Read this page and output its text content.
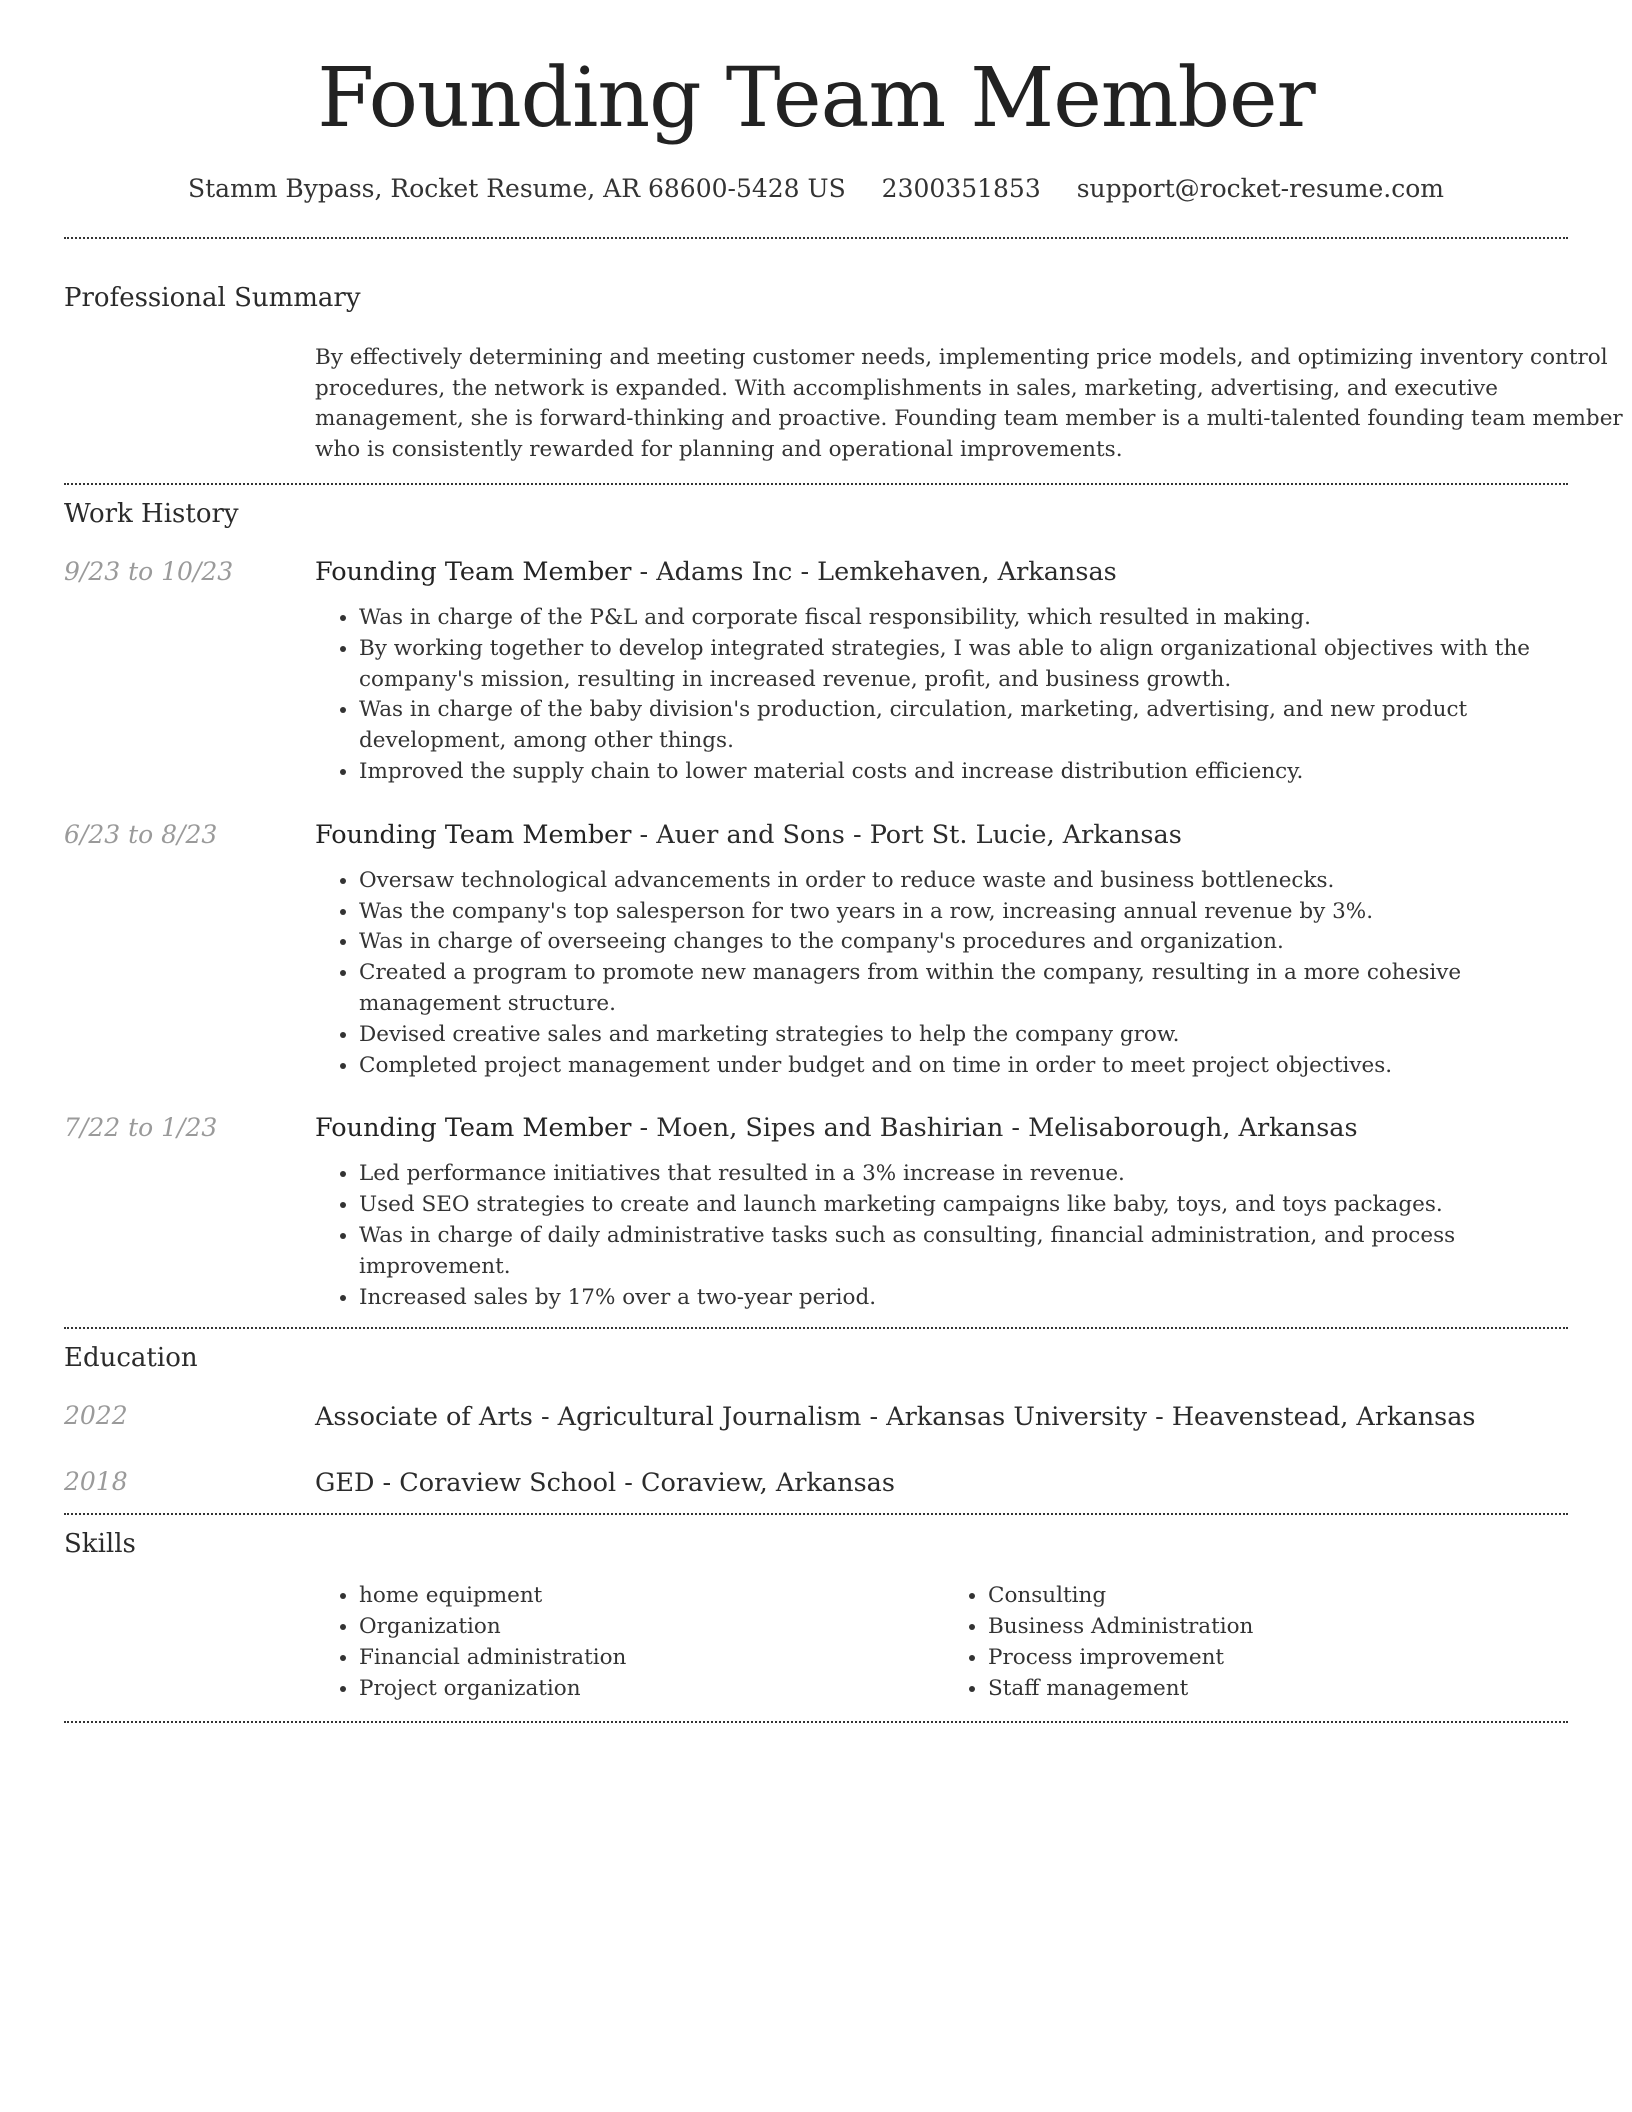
Founding Team Member
Stamm Bypass, Rocket Resume, AR 68600-5428 US 2300351853 support@rocket-resume.com
Professional Summary
By effectively determining and meeting customer needs, implementing price models, and optimizing inventory control procedures, the network is expanded. With accomplishments in sales, marketing, advertising, and executive management, she is forward-thinking and proactive. Founding team member is a multi-talented founding team member who is consistently rewarded for planning and operational improvements.
Work History
9/23 to 10/23	Founding Team Member - Adams Inc - Lemkehaven, Arkansas
• Was in charge of the P&L and corporate fiscal responsibility, which resulted in making.
• By working together to develop integrated strategies, I was able to align organizational objectives with the company's mission, resulting in increased revenue, profit, and business growth.
• Was in charge of the baby division's production, circulation, marketing, advertising, and new product development, among other things.
• Improved the supply chain to lower material costs and increase distribution efficiency.
6/23 to 8/23	Founding Team Member - Auer and Sons - Port St. Lucie, Arkansas
• Oversaw technological advancements in order to reduce waste and business bottlenecks.
• Was the company's top salesperson for two years in a row, increasing annual revenue by 3%.
• Was in charge of overseeing changes to the company's procedures and organization.
• Created a program to promote new managers from within the company, resulting in a more cohesive management structure.
• Devised creative sales and marketing strategies to help the company grow.
• Completed project management under budget and on time in order to meet project objectives.
7/22 to 1/23	Founding Team Member - Moen, Sipes and Bashirian - Melisaborough, Arkansas
• Led performance initiatives that resulted in a 3% increase in revenue.
• Used SEO strategies to create and launch marketing campaigns like baby, toys, and toys packages.
• Was in charge of daily administrative tasks such as consulting, financial administration, and process improvement.
• Increased sales by 17% over a two-year period.
Education
2022	Associate of Arts - Agricultural Journalism - Arkansas University - Heavenstead, Arkansas
2018	GED - Coraview School - Coraview, Arkansas
Skills
• home equipment
• Organization
• Financial administration
• Project organization
• Consulting
• Business Administration
• Process improvement
• Staff management
